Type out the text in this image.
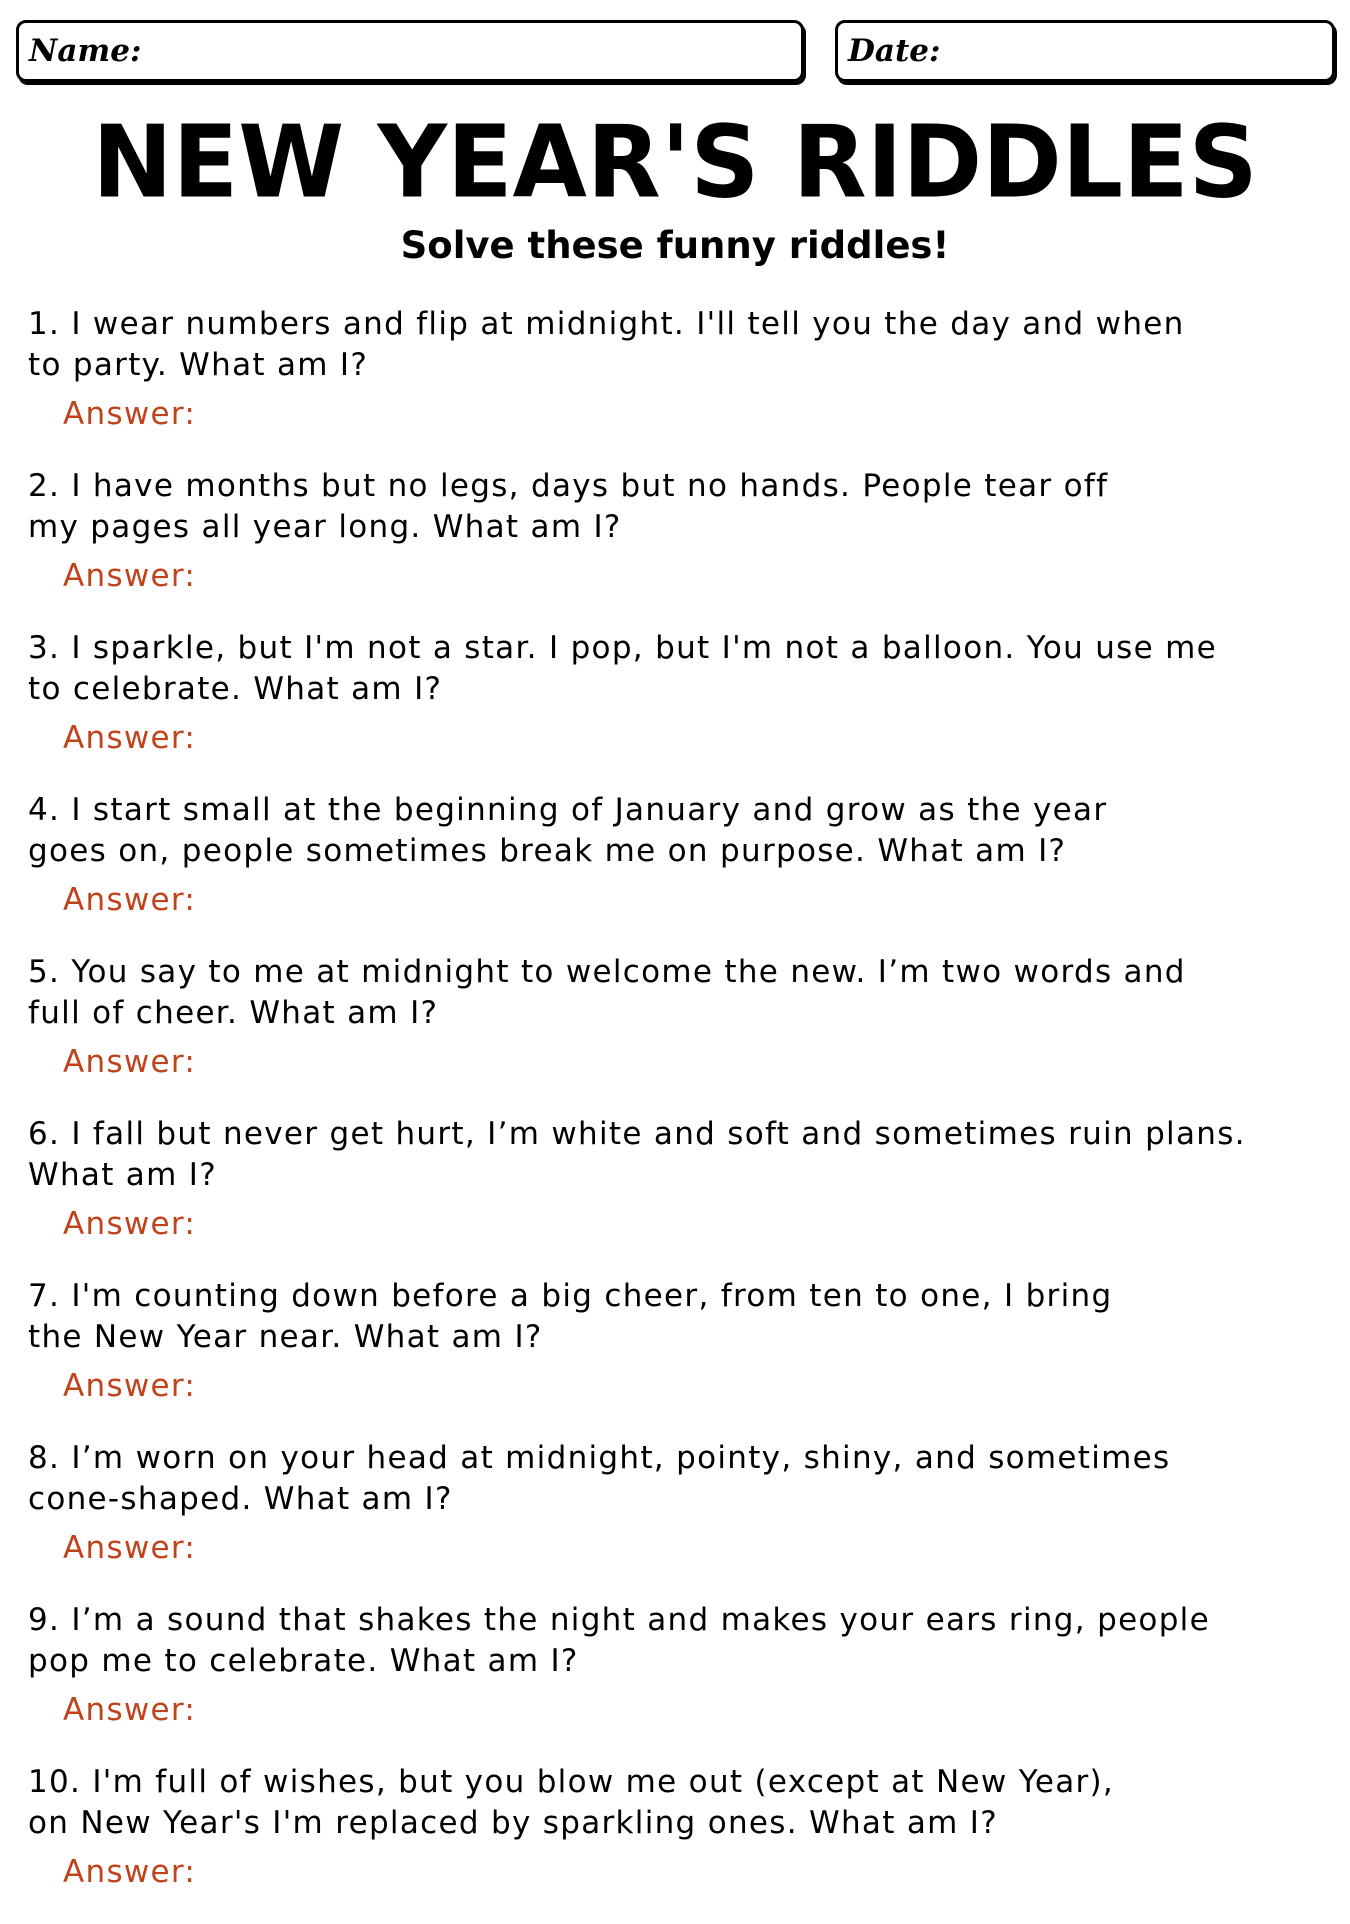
Name:	Date:
NEW YEAR'S RIDDLES
Solve these funny riddles!

1. I wear numbers and flip at midnight. I'll tell you the day and when
to party. What am I?

Answer:

2. I have months but no legs, days but no hands. People tear off
my pages all year long. What am I?

Answer:

3. I sparkle, but I'm not a star. I pop, but I'm not a balloon. You use me
to celebrate. What am I?

Answer:

4. I start small at the beginning of January and grow as the year
goes on, people sometimes break me on purpose. What am I?

Answer:

5. You say to me at midnight to welcome the new. I’m two words and
full of cheer. What am I?

Answer:

6. I fall but never get hurt, I’m white and soft and sometimes ruin plans.
What am I?

Answer:

7. I'm counting down before a big cheer, from ten to one, I bring
the New Year near. What am I?

Answer:

8. I’m worn on your head at midnight, pointy, shiny, and sometimes
cone-shaped. What am I?

Answer:

9. I’m a sound that shakes the night and makes your ears ring, people
pop me to celebrate. What am I?

Answer:

10. I'm full of wishes, but you blow me out (except at New Year),
on New Year's I'm replaced by sparkling ones. What am I?

Answer:
